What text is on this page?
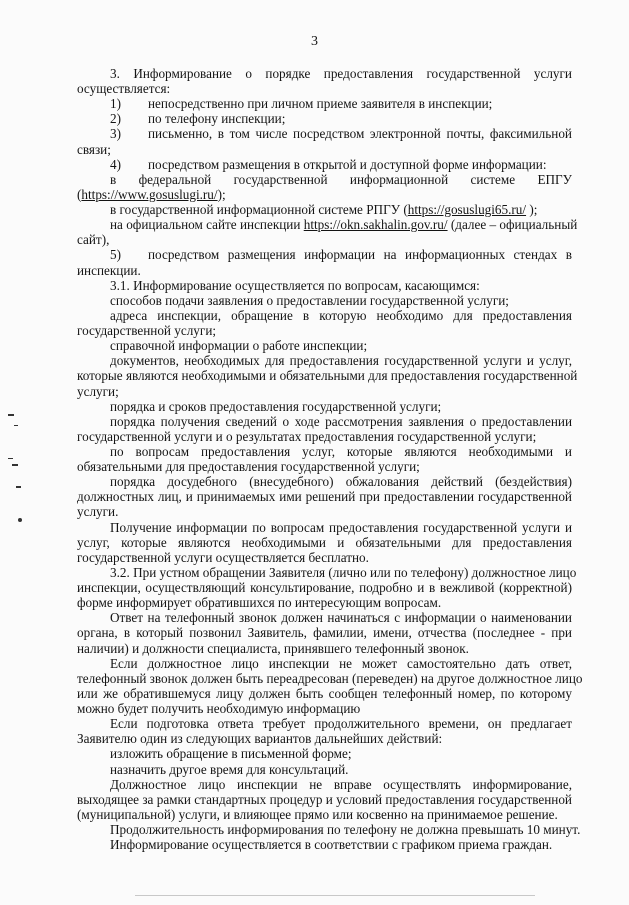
3
3. Информирование о порядке предоставления государственной услуги
осуществляется:
1) непосредственно при личном приеме заявителя в инспекции;
2) по телефону инспекции;
3) письменно, в том числе посредством электронной почты, факсимильной
связи;
4) посредством размещения в открытой и доступной форме информации:
в федеральной государственной информационной системе ЕПГУ
(https://www.gosuslugi.ru/);
в государственной информационной системе РПГУ (https://gosuslugi65.ru/ );
на официальном сайте инспекции https://okn.sakhalin.gov.ru/ (далее – официальный
сайт),
5) посредством размещения информации на информационных стендах в
инспекции.
3.1. Информирование осуществляется по вопросам, касающимся:
способов подачи заявления о предоставлении государственной услуги;
адреса инспекции, обращение в которую необходимо для предоставления
государственной услуги;
справочной информации о работе инспекции;
документов, необходимых для предоставления государственной услуги и услуг,
которые являются необходимыми и обязательными для предоставления государственной
услуги;
порядка и сроков предоставления государственной услуги;
порядка получения сведений о ходе рассмотрения заявления о предоставлении
государственной услуги и о результатах предоставления государственной услуги;
по вопросам предоставления услуг, которые являются необходимыми и
обязательными для предоставления государственной услуги;
порядка досудебного (внесудебного) обжалования действий (бездействия)
должностных лиц, и принимаемых ими решений при предоставлении государственной
услуги.
Получение информации по вопросам предоставления государственной услуги и
услуг, которые являются необходимыми и обязательными для предоставления
государственной услуги осуществляется бесплатно.
3.2. При устном обращении Заявителя (лично или по телефону) должностное лицо
инспекции, осуществляющий консультирование, подробно и в вежливой (корректной)
форме информирует обратившихся по интересующим вопросам.
Ответ на телефонный звонок должен начинаться с информации о наименовании
органа, в который позвонил Заявитель, фамилии, имени, отчества (последнее - при
наличии) и должности специалиста, принявшего телефонный звонок.
Если должностное лицо инспекции не может самостоятельно дать ответ,
телефонный звонок должен быть переадресован (переведен) на другое должностное лицо
или же обратившемуся лицу должен быть сообщен телефонный номер, по которому
можно будет получить необходимую информацию
Если подготовка ответа требует продолжительного времени, он предлагает
Заявителю один из следующих вариантов дальнейших действий:
изложить обращение в письменной форме;
назначить другое время для консультаций.
Должностное лицо инспекции не вправе осуществлять информирование,
выходящее за рамки стандартных процедур и условий предоставления государственной
(муниципальной) услуги, и влияющее прямо или косвенно на принимаемое решение.
Продолжительность информирования по телефону не должна превышать 10 минут.
Информирование осуществляется в соответствии с графиком приема граждан.
